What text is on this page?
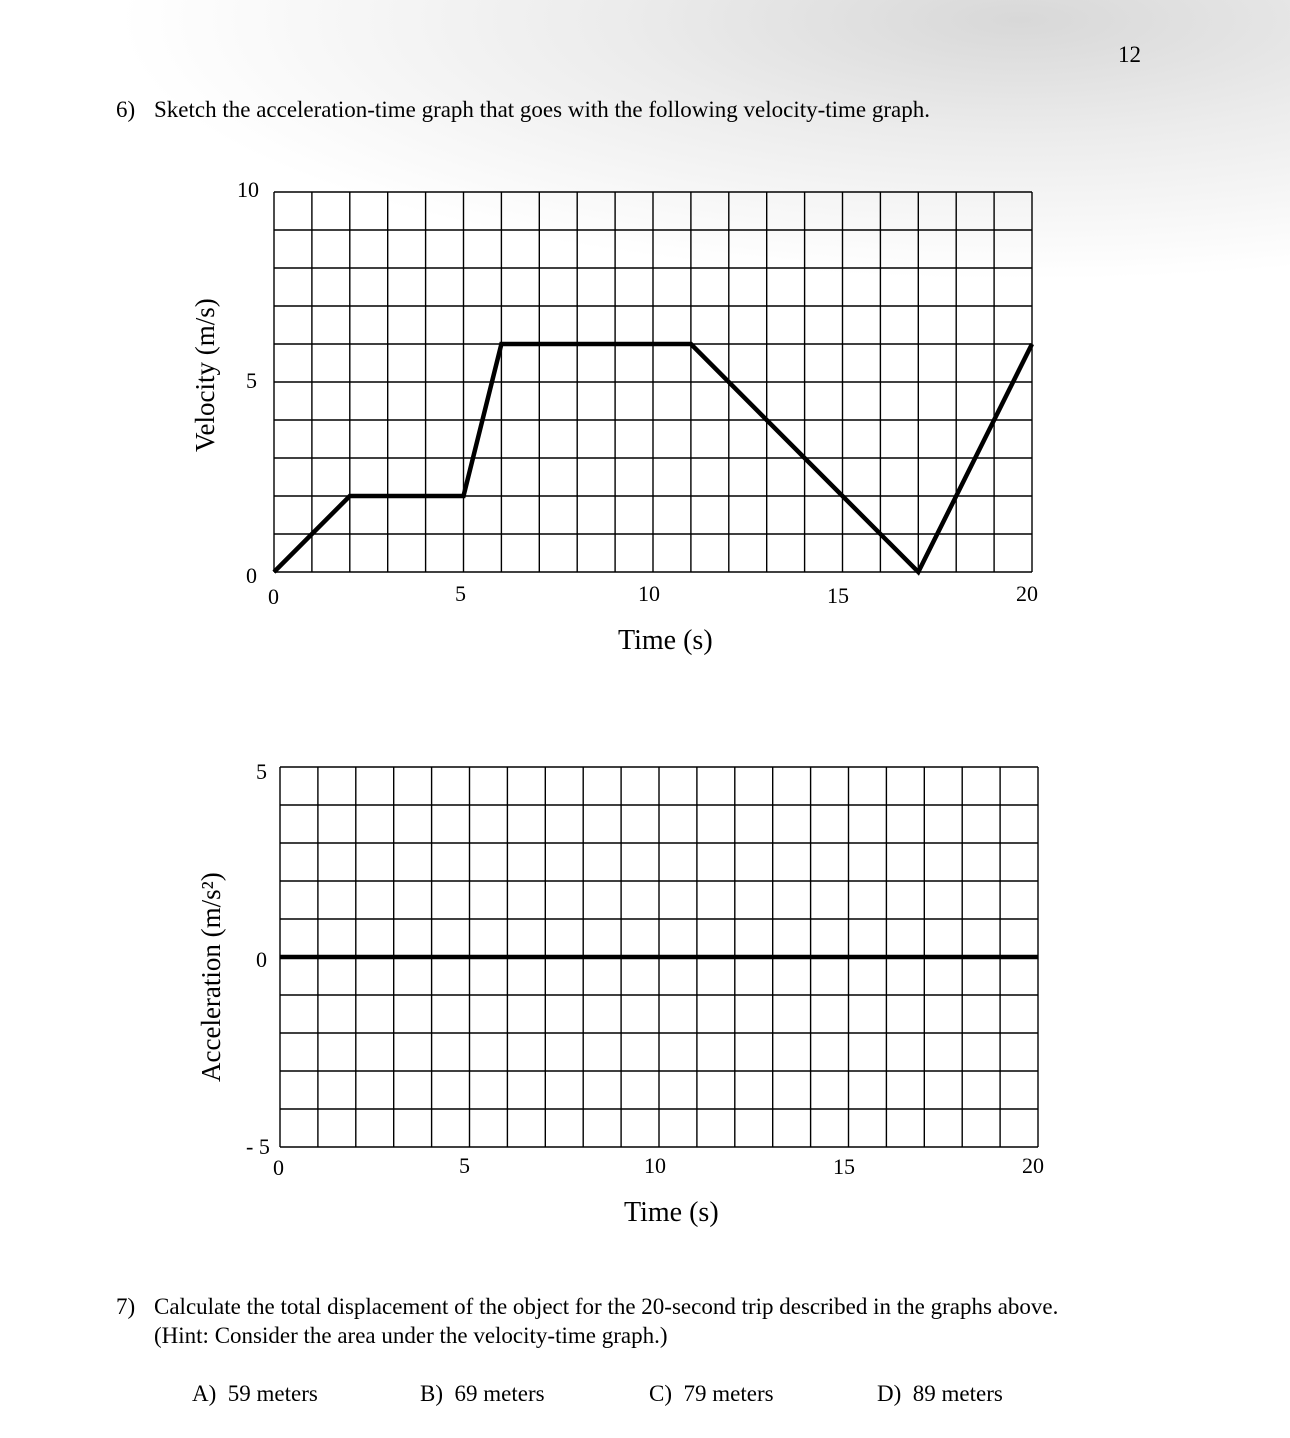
12
6) Sketch the acceleration-time graph that goes with the following velocity-time graph.
Velocity (m/s)
10
5
0
0	5	10	15	20
Time (s)
Acceleration (m/s²)
5
0
- 5
0	5	10	15	20
Time (s)
7) Calculate the total displacement of the object for the 20-second trip described in the graphs above.
(Hint: Consider the area under the velocity-time graph.)
A) 59 meters	B) 69 meters	C) 79 meters	D) 89 meters
